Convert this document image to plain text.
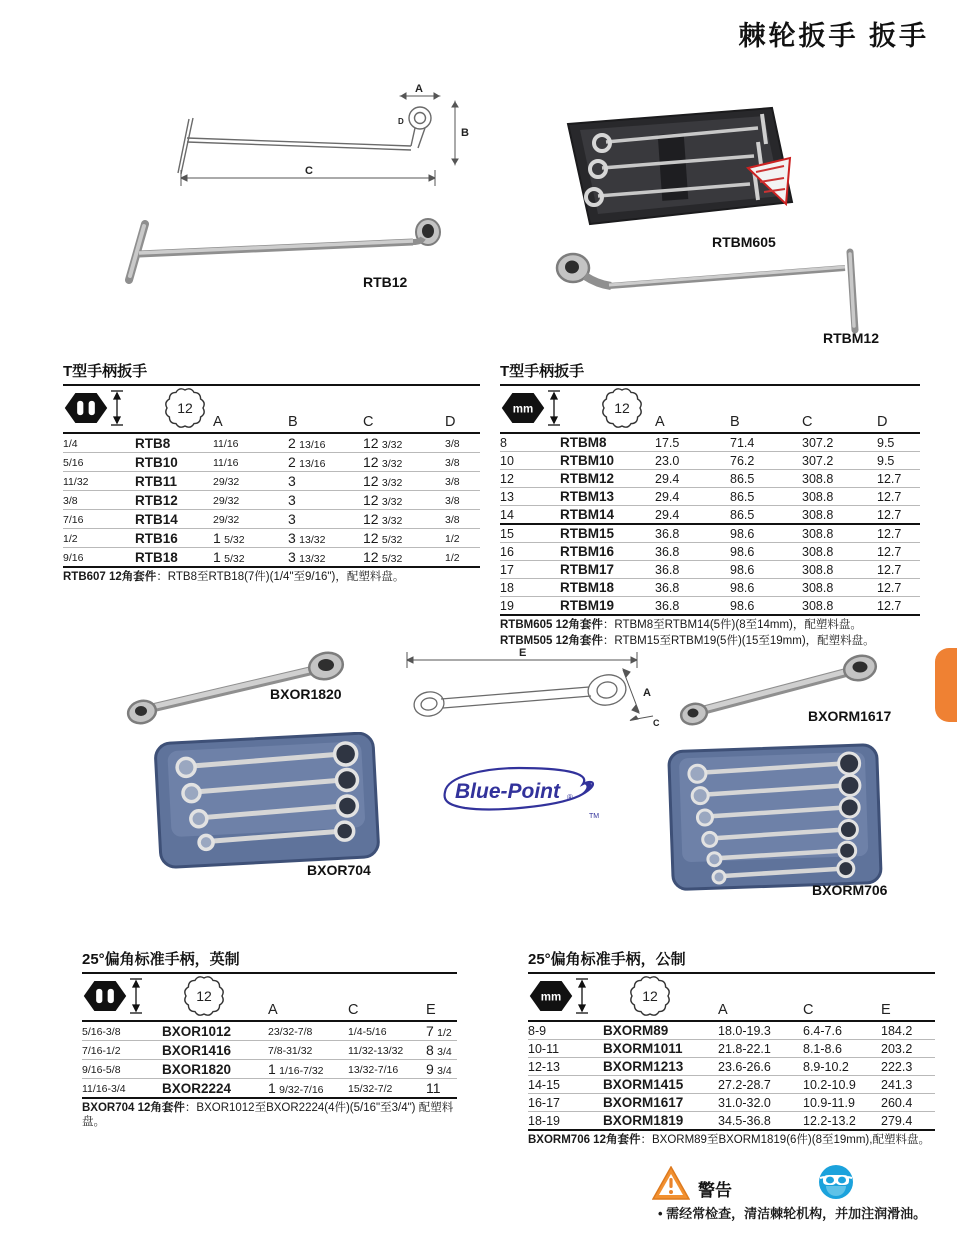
棘轮扳手 扳手
A
B
C
D
RTB12
RTBM605
RTBM12
T型手柄扳手
12		A	B	C	D
1/4	RTB8	11/16	2 13/16	12 3/32	3/8
5/16	RTB10	11/16	2 13/16	12 3/32	3/8
11/32	RTB11	29/32	3	12 3/32	3/8
3/8	RTB12	29/32	3	12 3/32	3/8
7/16	RTB14	29/32	3	12 3/32	3/8
1/2	RTB16	1 5/32	3 13/32	12 5/32	1/2
9/16	RTB18	1 5/32	3 13/32	12 5/32	1/2
RTB607 12角套件：RTB8至RTB18(7件)(1/4"至9/16")，配塑料盘。
T型手柄扳手
mm 12		A	B	C	D
8	RTBM8	17.5	71.4	307.2	9.5
10	RTBM10	23.0	76.2	307.2	9.5
12	RTBM12	29.4	86.5	308.8	12.7
13	RTBM13	29.4	86.5	308.8	12.7
14	RTBM14	29.4	86.5	308.8	12.7
15	RTBM15	36.8	98.6	308.8	12.7
16	RTBM16	36.8	98.6	308.8	12.7
17	RTBM17	36.8	98.6	308.8	12.7
18	RTBM18	36.8	98.6	308.8	12.7
19	RTBM19	36.8	98.6	308.8	12.7
RTBM605 12角套件：RTBM8至RTBM14(5件)(8至14mm)，配塑料盘。
RTBM505 12角套件：RTBM15至RTBM19(5件)(15至19mm)，配塑料盘。
BXOR1820
E
A
C	BXORM1617
BXOR704
Blue-Point ®
TM
BXORM706
25°偏角标准手柄，英制
12		A	C	E
5/16-3/8	BXOR1012	23/32-7/8	1/4-5/16	7 1/2
7/16-1/2	BXOR1416	7/8-31/32	11/32-13/32	8 3/4
9/16-5/8	BXOR1820	1 1/16-7/32	13/32-7/16	9 3/4
11/16-3/4	BXOR2224	1 9/32-7/16	15/32-7/2	11
BXOR704 12角套件：BXOR1012至BXOR2224(4件)(5/16"至3/4") 配塑料盘。
25°偏角标准手柄，公制
mm 12		A	C	E
8-9	BXORM89	18.0-19.3	6.4-7.6	184.2
10-11	BXORM1011	21.8-22.1	8.1-8.6	203.2
12-13	BXORM1213	23.6-26.6	8.9-10.2	222.3
14-15	BXORM1415	27.2-28.7	10.2-10.9	241.3
16-17	BXORM1617	31.0-32.0	10.9-11.9	260.4
18-19	BXORM1819	34.5-36.8	12.2-13.2	279.4
BXORM706 12角套件：BXORM89至BXORM1819(6件)(8至19mm),配塑料盘。
警告
• 需经常检查，清洁棘轮机构，并加注润滑油。
